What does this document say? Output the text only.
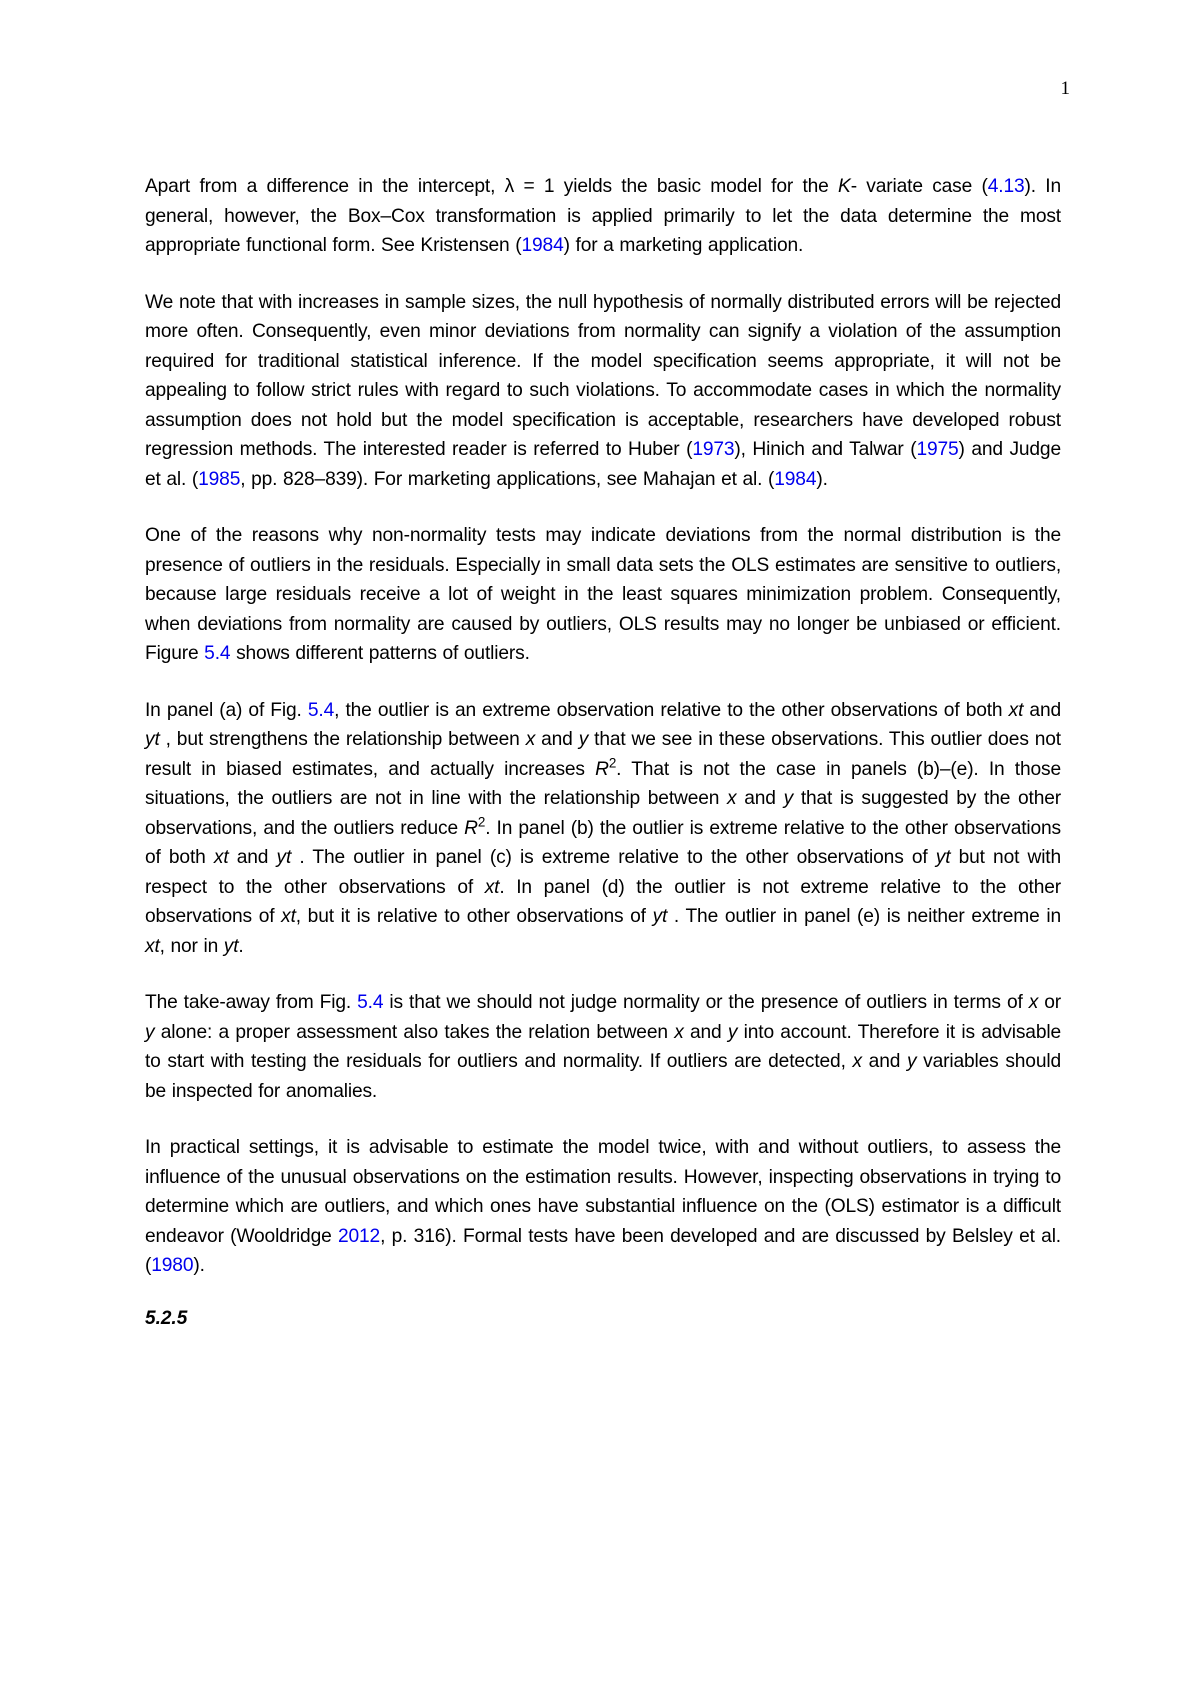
1

Apart from a difference in the intercept, λ = 1 yields the basic model for the K- variate case (4.13). In general, however, the Box–Cox transformation is applied primarily to let the data determine the most appropriate functional form. See Kristensen (1984) for a marketing application.

We note that with increases in sample sizes, the null hypothesis of normally distributed errors will be rejected more often. Consequently, even minor deviations from normality can signify a violation of the assumption required for traditional statistical inference. If the model specification seems appropriate, it will not be appealing to follow strict rules with regard to such violations. To accommodate cases in which the normality assumption does not hold but the model specification is acceptable, researchers have developed robust regression methods. The interested reader is referred to Huber (1973), Hinich and Talwar (1975) and Judge et al. (1985, pp. 828–839). For marketing applications, see Mahajan et al. (1984).

One of the reasons why non-normality tests may indicate deviations from the normal distribution is the presence of outliers in the residuals. Especially in small data sets the OLS estimates are sensitive to outliers, because large residuals receive a lot of weight in the least squares minimization problem. Consequently, when deviations from normality are caused by outliers, OLS results may no longer be unbiased or efficient. Figure 5.4 shows different patterns of outliers.

In panel (a) of Fig. 5.4, the outlier is an extreme observation relative to the other observations of both xt and yt , but strengthens the relationship between x and y that we see in these observations. This outlier does not result in biased estimates, and actually increases $R^2$. That is not the case in panels (b)–(e). In those situations, the outliers are not in line with the relationship between x and y that is suggested by the other observations, and the outliers reduce $R^2$. In panel (b) the outlier is extreme relative to the other observations of both xt and yt . The outlier in panel (c) is extreme relative to the other observations of yt but not with respect to the other observations of xt. In panel (d) the outlier is not extreme relative to the other observations of xt, but it is relative to other observations of yt . The outlier in panel (e) is neither extreme in xt, nor in yt.

The take-away from Fig. 5.4 is that we should not judge normality or the presence of outliers in terms of x or y alone: a proper assessment also takes the relation between x and y into account. Therefore it is advisable to start with testing the residuals for outliers and normality. If outliers are detected, x and y variables should be inspected for anomalies.

In practical settings, it is advisable to estimate the model twice, with and without outliers, to assess the influence of the unusual observations on the estimation results. However, inspecting observations in trying to determine which are outliers, and which ones have substantial influence on the (OLS) estimator is a difficult endeavor (Wooldridge 2012, p. 316). Formal tests have been developed and are discussed by Belsley et al. (1980).

5.2.5
